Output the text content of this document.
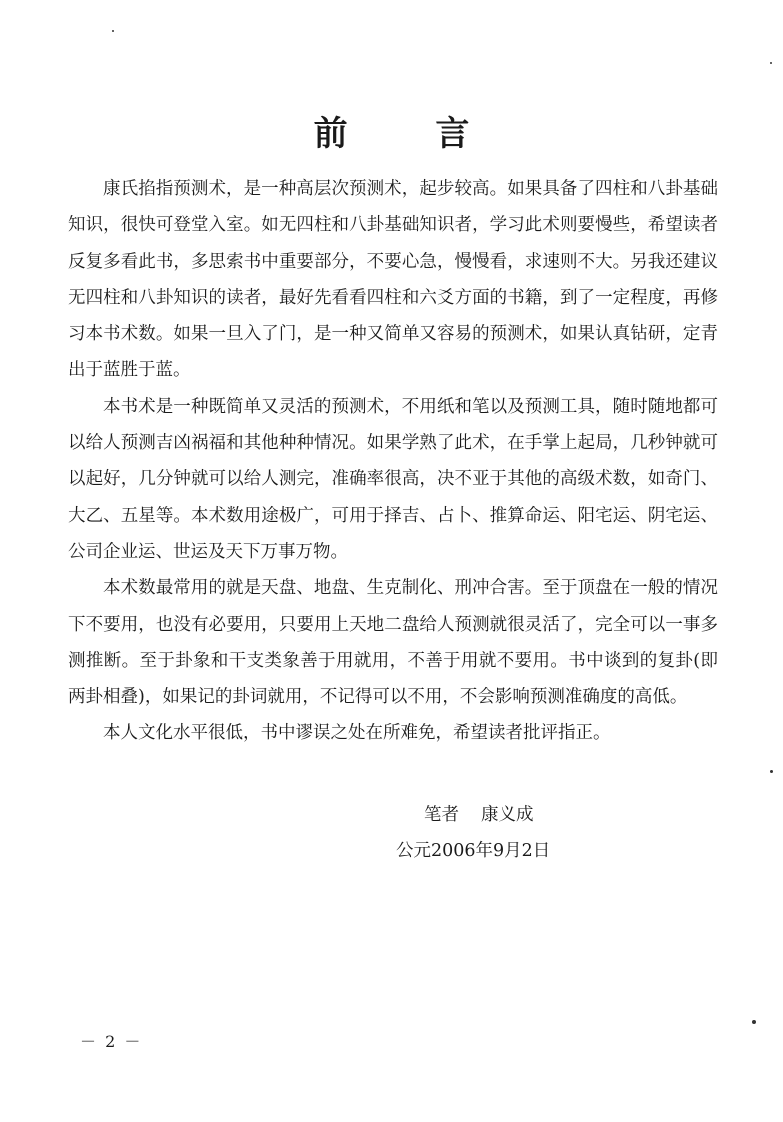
前 言

康氏掐指预测术，是一种高层次预测术，起步较高。如果具备了四柱和八卦基础知识，很快可登堂入室。如无四柱和八卦基础知识者，学习此术则要慢些，希望读者反复多看此书，多思索书中重要部分，不要心急，慢慢看，求速则不大。另我还建议无四柱和八卦知识的读者，最好先看看四柱和六爻方面的书籍，到了一定程度，再修习本书术数。如果一旦入了门，是一种又简单又容易的预测术，如果认真钻研，定青出于蓝胜于蓝。

本书术是一种既简单又灵活的预测术，不用纸和笔以及预测工具，随时随地都可以给人预测吉凶祸福和其他种种情况。如果学熟了此术，在手掌上起局，几秒钟就可以起好，几分钟就可以给人测完，准确率很高，决不亚于其他的高级术数，如奇门、大乙、五星等。本术数用途极广，可用于择吉、占卜、推算命运、阳宅运、阴宅运、公司企业运、世运及天下万事万物。

本术数最常用的就是天盘、地盘、生克制化、刑冲合害。至于顶盘在一般的情况下不要用，也没有必要用，只要用上天地二盘给人预测就很灵活了，完全可以一事多测推断。至于卦象和干支类象善于用就用，不善于用就不要用。书中谈到的复卦(即两卦相叠)，如果记的卦词就用，不记得可以不用，不会影响预测准确度的高低。

本人文化水平很低，书中谬误之处在所难免，希望读者批评指正。

笔者 康义成
公元2006年9月2日
－ 2 －
